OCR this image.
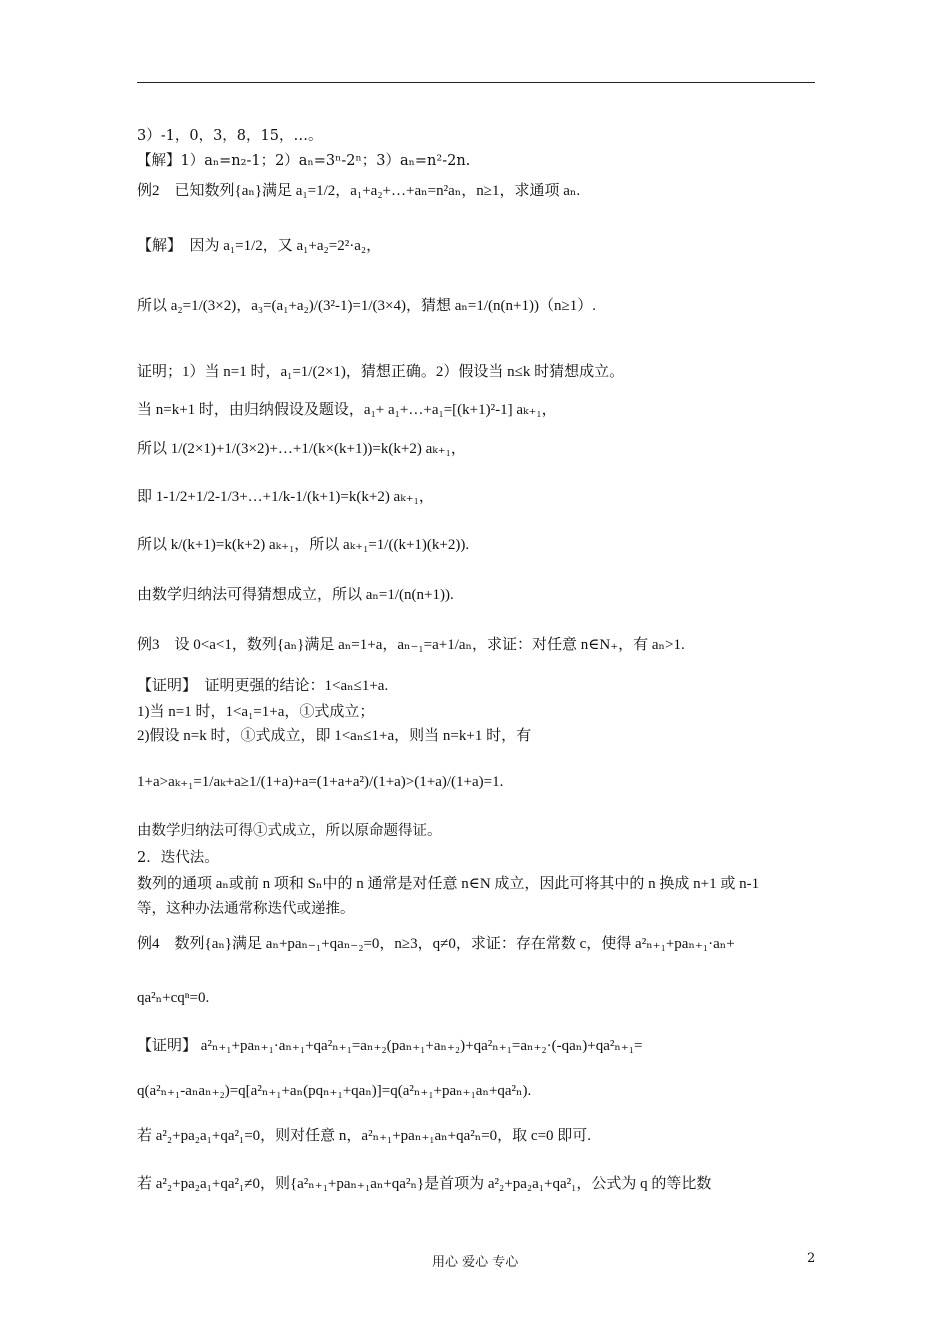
3）-1，0，3，8，15，…。
【解】1）aₙ=n₂-1；2）aₙ=3ⁿ-2ⁿ；3）aₙ=n²-2n.
例2　已知数列{aₙ}满足 a₁=1/2，a₁+a₂+…+aₙ=n²aₙ，n≥1，求通项 aₙ.
【解】　因为 a₁=1/2，又 a₁+a₂=2²·a₂，
所以 a₂=1/(3×2)，a₃=(a₁+a₂)/(3²-1)=1/(3×4)，猜想 aₙ=1/(n(n+1))（n≥1）.
证明；1）当 n=1 时，a₁=1/(2×1)，猜想正确。2）假设当 n≤k 时猜想成立。
当 n=k+1 时，由归纳假设及题设，a₁+ a₁+…+a₁=[(k+1)²-1] aₖ₊₁，
所以 1/(2×1)+1/(3×2)+…+1/(k×(k+1))=k(k+2) aₖ₊₁，
即 1-1/2+1/2-1/3+…+1/k-1/(k+1)=k(k+2) aₖ₊₁，
所以 k/(k+1)=k(k+2) aₖ₊₁，所以 aₖ₊₁=1/((k+1)(k+2)).
由数学归纳法可得猜想成立，所以 aₙ=1/(n(n+1)).
例3　设 0<a<1，数列{aₙ}满足 aₙ=1+a，aₙ₋₁=a+1/aₙ，求证：对任意 n∈N₊，有 aₙ>1.
【证明】　证明更强的结论：1<aₙ≤1+a.
1)当 n=1 时，1<a₁=1+a，①式成立；
2)假设 n=k 时，①式成立，即 1<aₙ≤1+a，则当 n=k+1 时，有
1+a>aₖ₊₁=1/aₖ+a≥1/(1+a)+a=(1+a+a²)/(1+a)>(1+a)/(1+a)=1.
由数学归纳法可得①式成立，所以原命题得证。
2．迭代法。
数列的通项 aₙ或前 n 项和 Sₙ中的 n 通常是对任意 n∈N 成立，因此可将其中的 n 换成 n+1 或 n-1
等，这种办法通常称迭代或递推。
例4　数列{aₙ}满足 aₙ+paₙ₋₁+qaₙ₋₂=0，n≥3，q≠0，求证：存在常数 c，使得 a²ₙ₊₁+paₙ₊₁·aₙ+
qa²ₙ+cqⁿ=0.
【证明】 a²ₙ₊₁+paₙ₊₁·aₙ₊₁+qa²ₙ₊₁=aₙ₊₂(paₙ₊₁+aₙ₊₂)+qa²ₙ₊₁=aₙ₊₂·(-qaₙ)+qa²ₙ₊₁=
q(a²ₙ₊₁-aₙaₙ₊₂)=q[a²ₙ₊₁+aₙ(pqₙ₊₁+qaₙ)]=q(a²ₙ₊₁+paₙ₊₁aₙ+qa²ₙ).
若 a²₂+pa₂a₁+qa²₁=0，则对任意 n，a²ₙ₊₁+paₙ₊₁aₙ+qa²ₙ=0，取 c=0 即可.
若 a²₂+pa₂a₁+qa²₁≠0，则{a²ₙ₊₁+paₙ₊₁aₙ+qa²ₙ}是首项为 a²₂+pa₂a₁+qa²₁，公式为 q 的等比数
用心 爱心 专心	2
